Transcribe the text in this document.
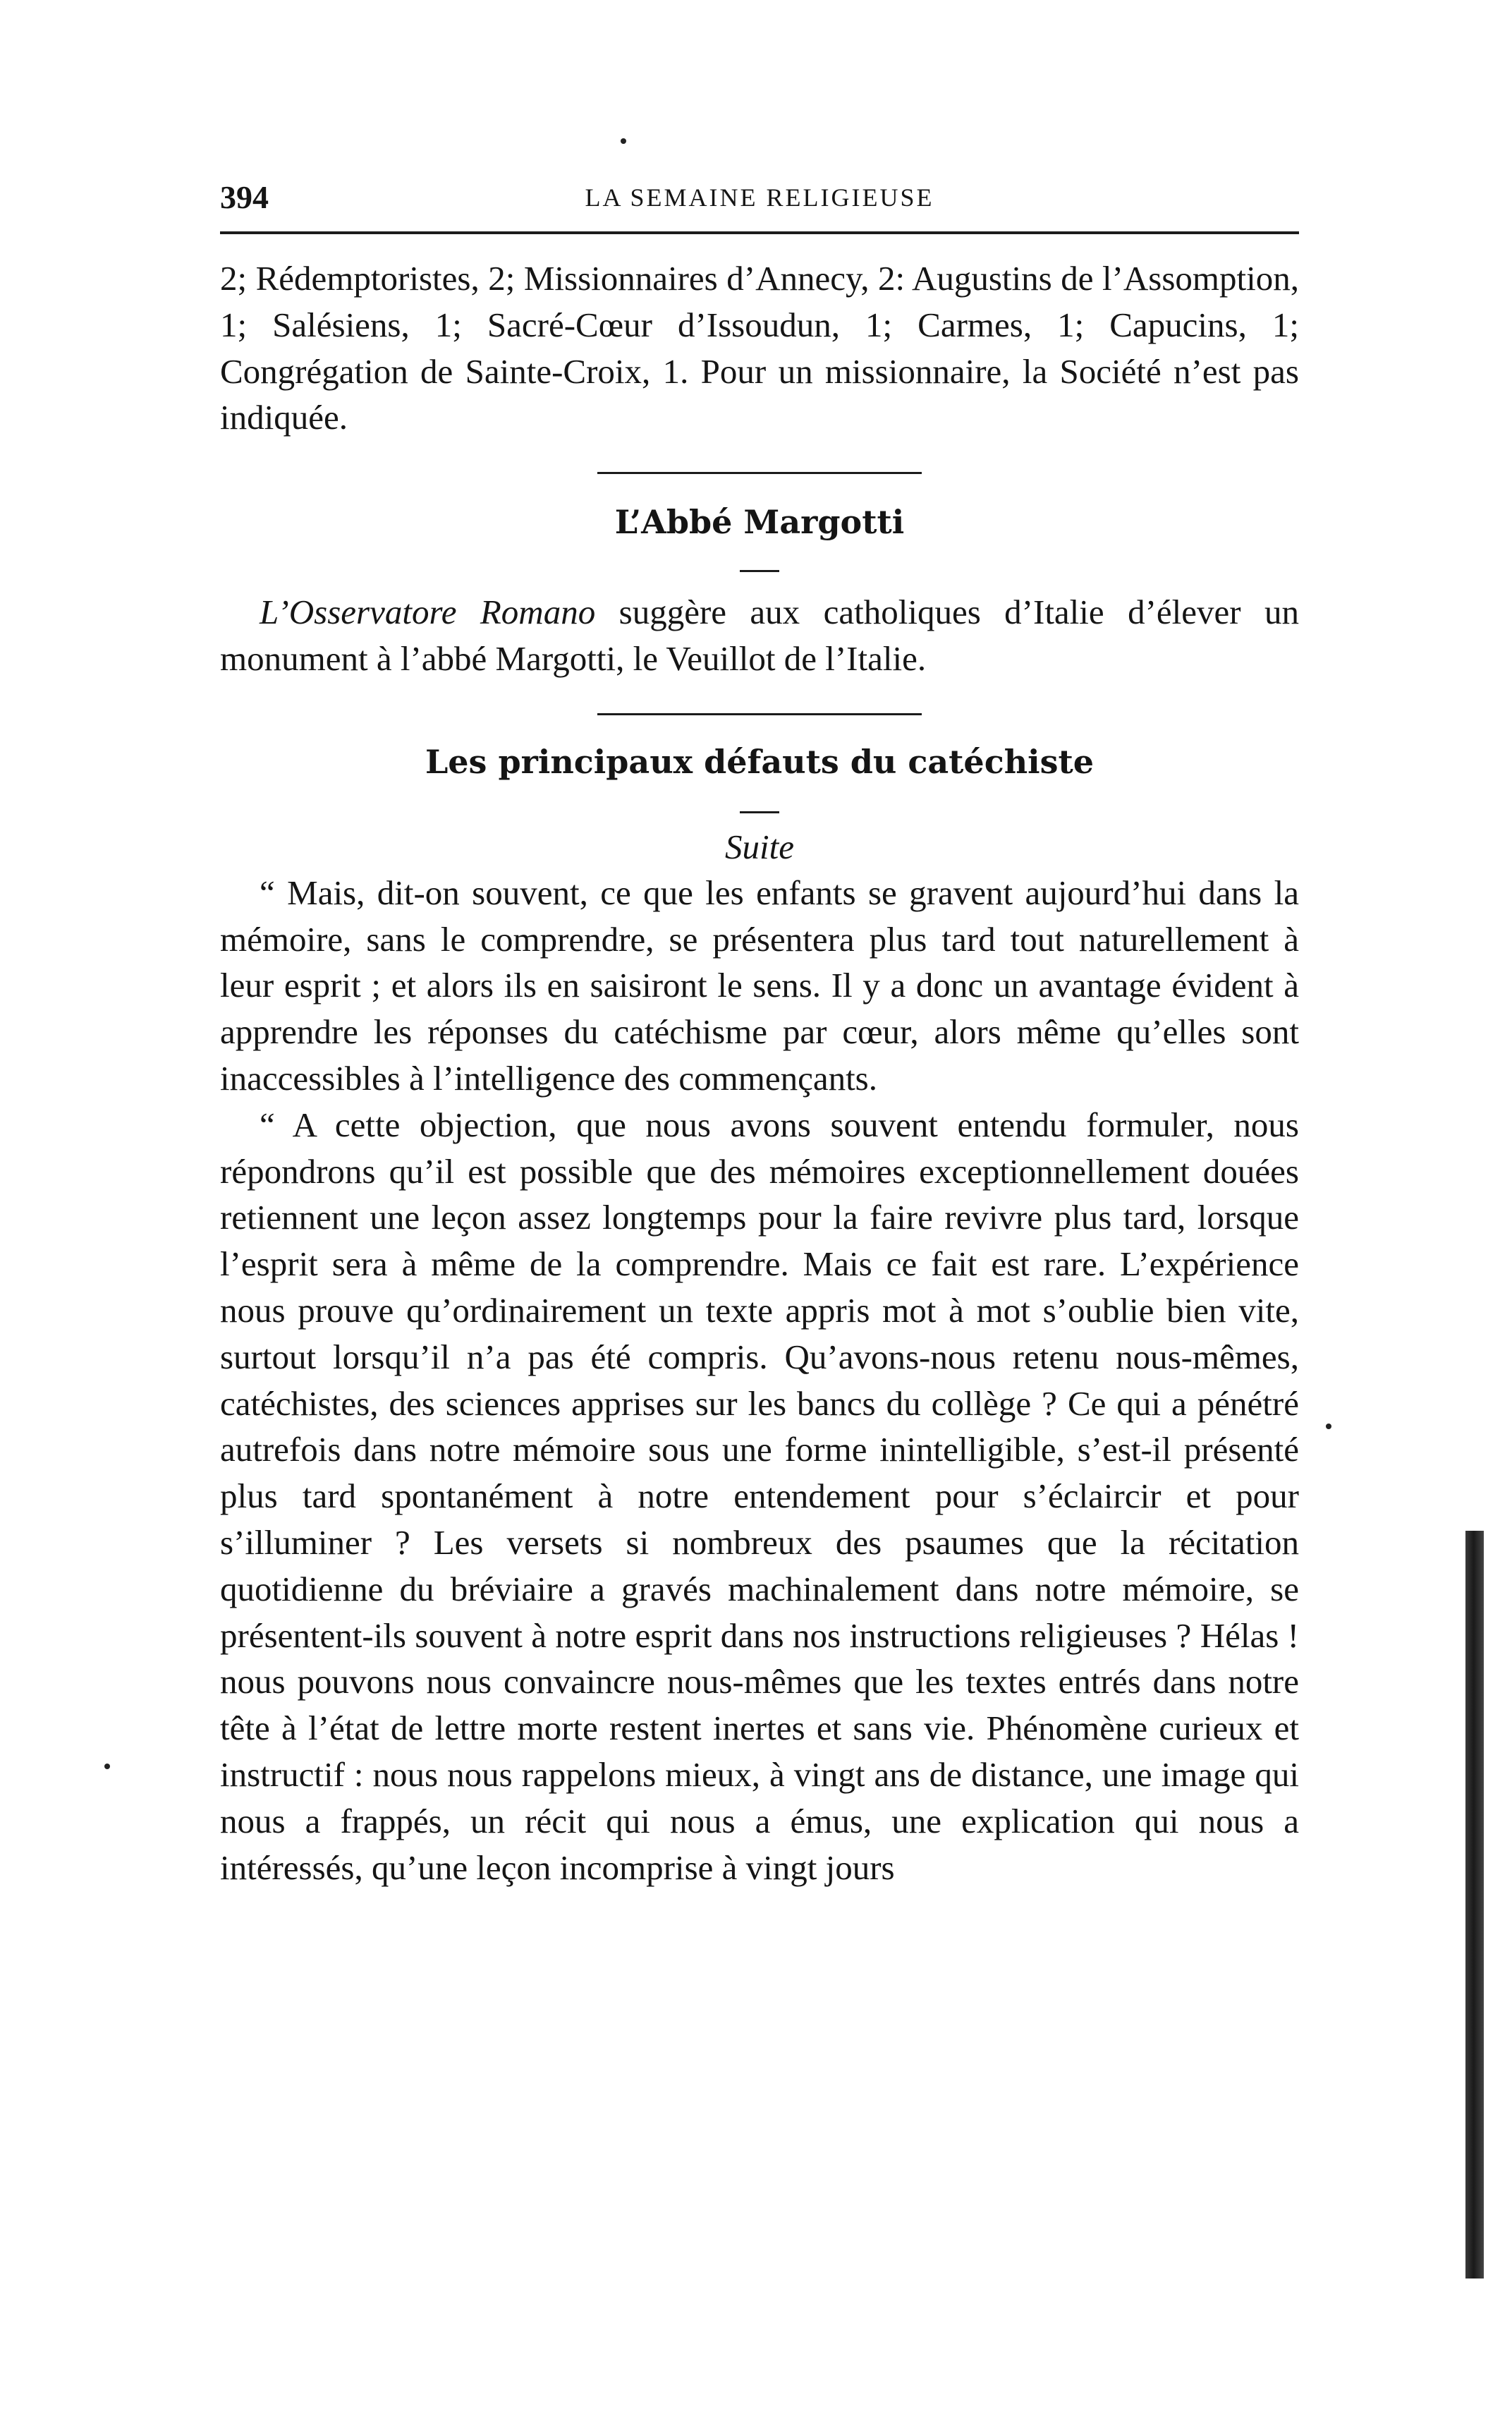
394	LA SEMAINE RELIGIEUSE

2; Rédemptoristes, 2; Missionnaires d’Annecy, 2: Augustins de l’Assomption, 1; Salésiens, 1; Sacré-Cœur d’Issoudun, 1; Carmes, 1; Capucins, 1; Congrégation de Sainte-Croix, 1. Pour un missionnaire, la Société n’est pas indiquée.

L’Abbé Margotti

L’Osservatore Romano suggère aux catholiques d’Italie d’élever un monument à l’abbé Margotti, le Veuillot de l’Italie.

Les principaux défauts du catéchiste
Suite

“ Mais, dit-on souvent, ce que les enfants se gravent aujourd’hui dans la mémoire, sans le comprendre, se présentera plus tard tout naturellement à leur esprit ; et alors ils en saisiront le sens. Il y a donc un avantage évident à apprendre les réponses du catéchisme par cœur, alors même qu’elles sont inaccessibles à l’intelligence des commençants.

“ A cette objection, que nous avons souvent entendu formuler, nous répondrons qu’il est possible que des mémoires exceptionnellement douées retiennent une leçon assez longtemps pour la faire revivre plus tard, lorsque l’esprit sera à même de la comprendre. Mais ce fait est rare. L’expérience nous prouve qu’ordinairement un texte appris mot à mot s’oublie bien vite, surtout lorsqu’il n’a pas été compris. Qu’avons-nous retenu nous-mêmes, catéchistes, des sciences apprises sur les bancs du collège ? Ce qui a pénétré autrefois dans notre mémoire sous une forme inintelligible, s’est-il présenté plus tard spontanément à notre entendement pour s’éclaircir et pour s’illuminer ? Les versets si nombreux des psaumes que la récitation quotidienne du bréviaire a gravés machinalement dans notre mémoire, se présentent-ils souvent à notre esprit dans nos instructions religieuses ? Hélas ! nous pouvons nous convaincre nous-mêmes que les textes entrés dans notre tête à l’état de lettre morte restent inertes et sans vie. Phénomène curieux et instructif : nous nous rappelons mieux, à vingt ans de distance, une image qui nous a frappés, un récit qui nous a émus, une explication qui nous a intéressés, qu’une leçon incomprise à vingt jours
